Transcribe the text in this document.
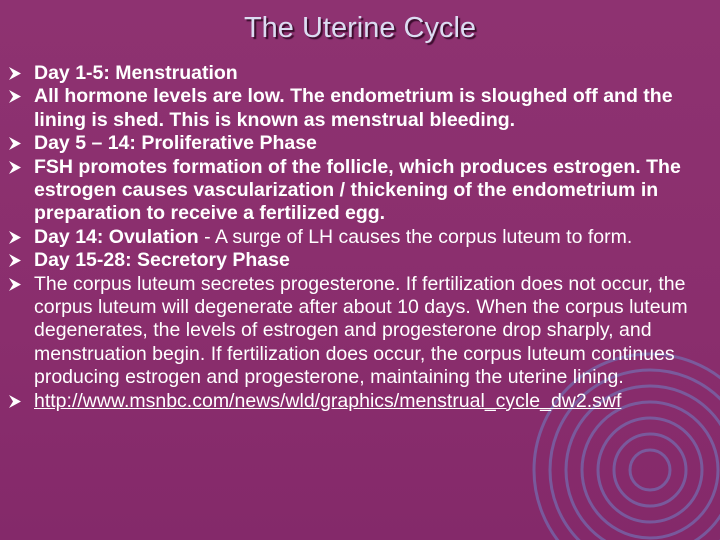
The Uterine Cycle
Day 1-5: Menstruation
All hormone levels are low. The endometrium is sloughed off and the lining is shed. This is known as menstrual bleeding.
Day 5 – 14: Proliferative Phase
FSH promotes formation of the follicle, which produces estrogen. The estrogen causes vascularization / thickening of the endometrium in preparation to receive a fertilized egg.
Day 14: Ovulation - A surge of LH causes the corpus luteum to form.
Day 15-28: Secretory Phase
The corpus luteum secretes progesterone. If fertilization does not occur, the corpus luteum will degenerate after about 10 days. When the corpus luteum degenerates, the levels of estrogen and progesterone drop sharply, and menstruation begin. If fertilization does occur, the corpus luteum continues producing estrogen and progesterone, maintaining the uterine lining.
http://www.msnbc.com/news/wld/graphics/menstrual_cycle_dw2.swf
